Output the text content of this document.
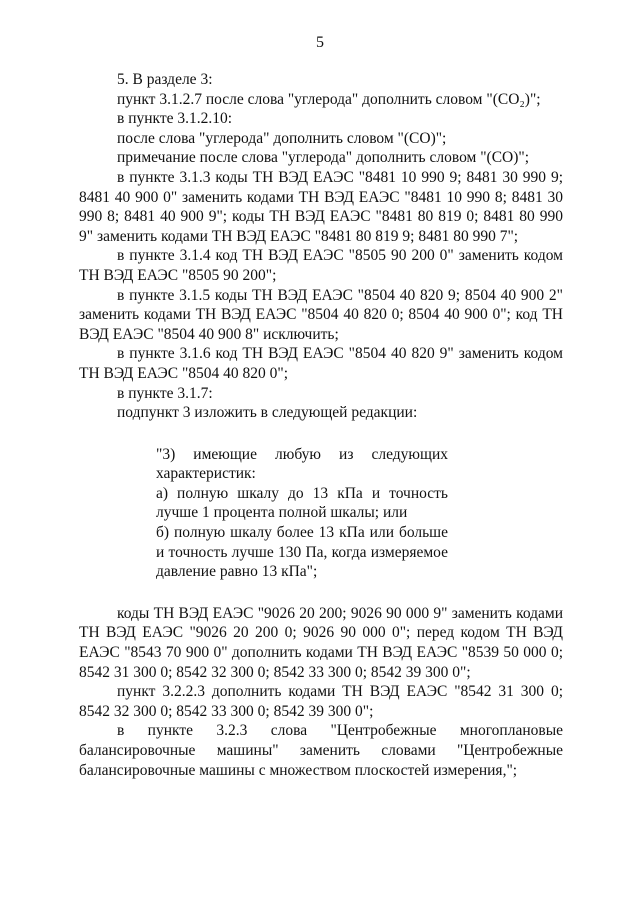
5

5. В разделе 3:

пункт 3.1.2.7 после слова "углерода" дополнить словом "(CO₂)";

в пункте 3.1.2.10:

после слова "углерода" дополнить словом "(CO)";

примечание после слова "углерода" дополнить словом "(CO)";

в пункте 3.1.3 коды ТН ВЭД ЕАЭС "8481 10 990 9; 8481 30 990 9; 8481 40 900 0" заменить кодами ТН ВЭД ЕАЭС "8481 10 990 8; 8481 30 990 8; 8481 40 900 9"; коды ТН ВЭД ЕАЭС "8481 80 819 0; 8481 80 990 9" заменить кодами ТН ВЭД ЕАЭС "8481 80 819 9; 8481 80 990 7";

в пункте 3.1.4 код ТН ВЭД ЕАЭС "8505 90 200 0" заменить кодом ТН ВЭД ЕАЭС "8505 90 200";

в пункте 3.1.5 коды ТН ВЭД ЕАЭС "8504 40 820 9; 8504 40 900 2" заменить кодами ТН ВЭД ЕАЭС "8504 40 820 0; 8504 40 900 0"; код ТН ВЭД ЕАЭС "8504 40 900 8" исключить;

в пункте 3.1.6 код ТН ВЭД ЕАЭС "8504 40 820 9" заменить кодом ТН ВЭД ЕАЭС "8504 40 820 0";

в пункте 3.1.7:

подпункт 3 изложить в следующей редакции:

"3) имеющие любую из следующих характеристик:

а) полную шкалу до 13 кПа и точность лучше 1 процента полной шкалы; или

б) полную шкалу более 13 кПа или больше и точность лучше 130 Па, когда измеряемое давление равно 13 кПа";

коды ТН ВЭД ЕАЭС "9026 20 200; 9026 90 000 9" заменить кодами ТН ВЭД ЕАЭС "9026 20 200 0; 9026 90 000 0"; перед кодом ТН ВЭД ЕАЭС "8543 70 900 0" дополнить кодами ТН ВЭД ЕАЭС "8539 50 000 0; 8542 31 300 0; 8542 32 300 0; 8542 33 300 0; 8542 39 300 0";

пункт 3.2.2.3 дополнить кодами ТН ВЭД ЕАЭС "8542 31 300 0; 8542 32 300 0; 8542 33 300 0; 8542 39 300 0";

в пункте 3.2.3 слова "Центробежные многоплановые балансировочные машины" заменить словами "Центробежные балансировочные машины с множеством плоскостей измерения,";
